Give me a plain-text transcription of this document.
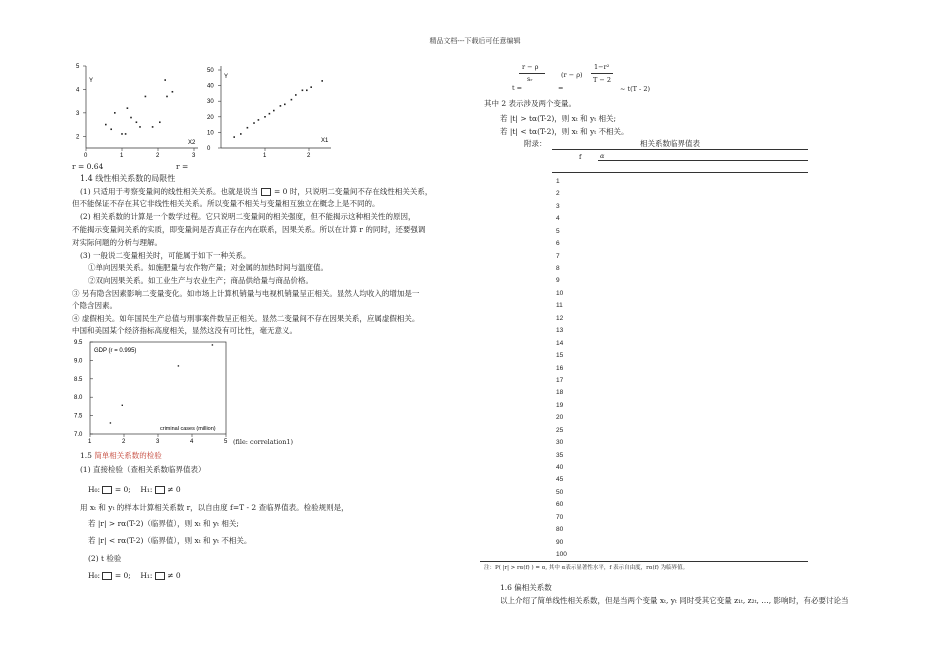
精品文档---下载后可任意编辑
5
4
3
2
0	1	2	3
Y
X2
50
40
30
20
10
0
1	2
Y
X1
r = 0.64	r =
1.4 线性相关系数的局限性
(1) 只适用于考察变量间的线性相关关系。也就是说当 = 0 时，只说明二变量间不存在线性相关关系，
但不能保证不存在其它非线性相关关系。所以变量不相关与变量相互独立在概念上是不同的。
(2) 相关系数的计算是一个数学过程。它只说明二变量间的相关强度，但不能揭示这种相关性的原因，
不能揭示变量间关系的实质，即变量间是否真正存在内在联系，因果关系。所以在计算 r 的同时，还要强调
对实际问题的分析与理解。
(3) 一般说二变量相关时，可能属于如下一种关系。
①单向因果关系。如施肥量与农作物产量；对金属的加热时间与温度值。
②双向因果关系。如工业生产与农业生产；商品供给量与商品价格。
③ 另有隐含因素影响二变量变化。如市场上计算机销量与电视机销量呈正相关。显然人均收入的增加是一
个隐含因素。
④ 虚假相关。如年国民生产总值与刑事案件数呈正相关。显然二变量间不存在因果关系，应属虚假相关。
中国和美国某个经济指标高度相关，显然这没有可比性，毫无意义。
9.5
9.0
8.5
8.0
7.5
7.0
1	2	3	4	5
GDP (r = 0.995)
criminal cases (million)
(file: correlation1)
1.5 简单相关系数的检验
(1) 直接检验（查相关系数临界值表）
H₀: = 0; H₁: ≠ 0
用 xₜ 和 yₜ 的样本计算相关系数 r，以自由度 f=T - 2 查临界值表。检验规则是，
若 |r| > rα(T-2)（临界值），则 xₜ 和 yₜ 相关;
若 |r| < rα(T-2)（临界值），则 xₜ 和 yₜ 不相关。
(2) t 检验
H₀: = 0; H₁: ≠ 0
r − ρ
sᵣ
t =	=
(r − ρ)
1−r²
T − 2
~ t(T - 2)
其中 2 表示涉及两个变量。
若 |t| > tα(T-2)，则 xₜ 和 yₜ 相关;
若 |t| < tα(T-2)，则 xₜ 和 yₜ 不相关。
附录：	相关系数临界值表
f	α
1
2
3
4
5
6
7
8
9
10
11
12
13
14
15
16
17
18
19
20
25
30
35
40
45
50
60
70
80
90
100
注：P( |r| > rα(f) ) = α, 其中 α表示显著性水平，f 表示自由度，rα(f) 为临界值。
1.6 偏相关系数
以上介绍了简单线性相关系数，但是当两个变量 xₜ, yₜ 同时受其它变量 z₁ₜ, z₂ₜ, …, 影响时，有必要讨论当
